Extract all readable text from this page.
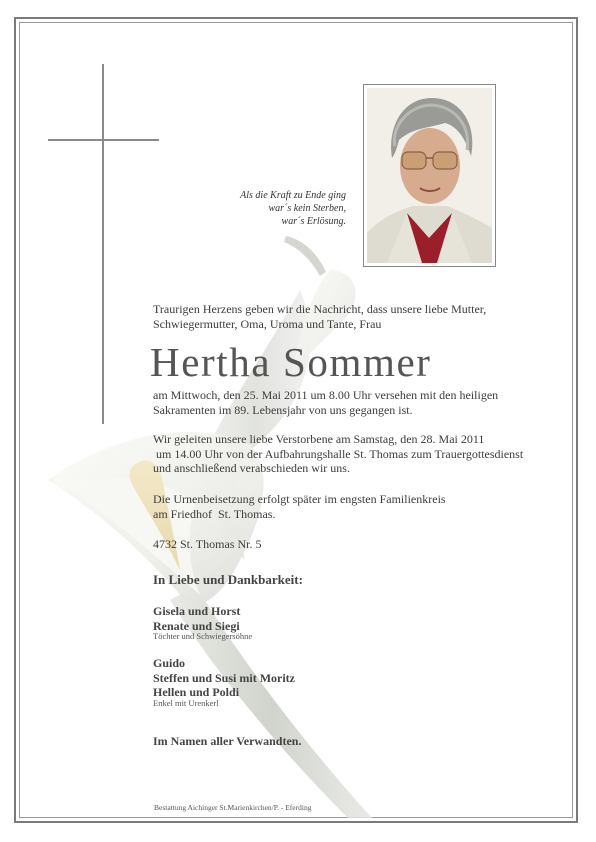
Als die Kraft zu Ende ging
war´s kein Sterben,
war´s Erlösung.
Traurigen Herzens geben wir die Nachricht, dass unsere liebe Mutter,
Schwiegermutter, Oma, Uroma und Tante, Frau
Hertha Sommer
am Mittwoch, den 25. Mai 2011 um 8.00 Uhr versehen mit den heiligen
Sakramenten im 89. Lebensjahr von uns gegangen ist.
Wir geleiten unsere liebe Verstorbene am Samstag, den 28. Mai 2011
um 14.00 Uhr von der Aufbahrungshalle St. Thomas zum Trauergottesdienst
und anschließend verabschieden wir uns.
Die Urnenbeisetzung erfolgt später im engsten Familienkreis
am Friedhof  St. Thomas.
4732 St. Thomas Nr. 5
In Liebe und Dankbarkeit:
Gisela und Horst
Renate und Siegi
Töchter und Schwiegersöhne
Guido
Steffen und Susi mit Moritz
Hellen und Poldi
Enkel mit Urenkerl
Im Namen aller Verwandten.
Bestattung Aichinger St.Marienkirchen/P. - Eferding
